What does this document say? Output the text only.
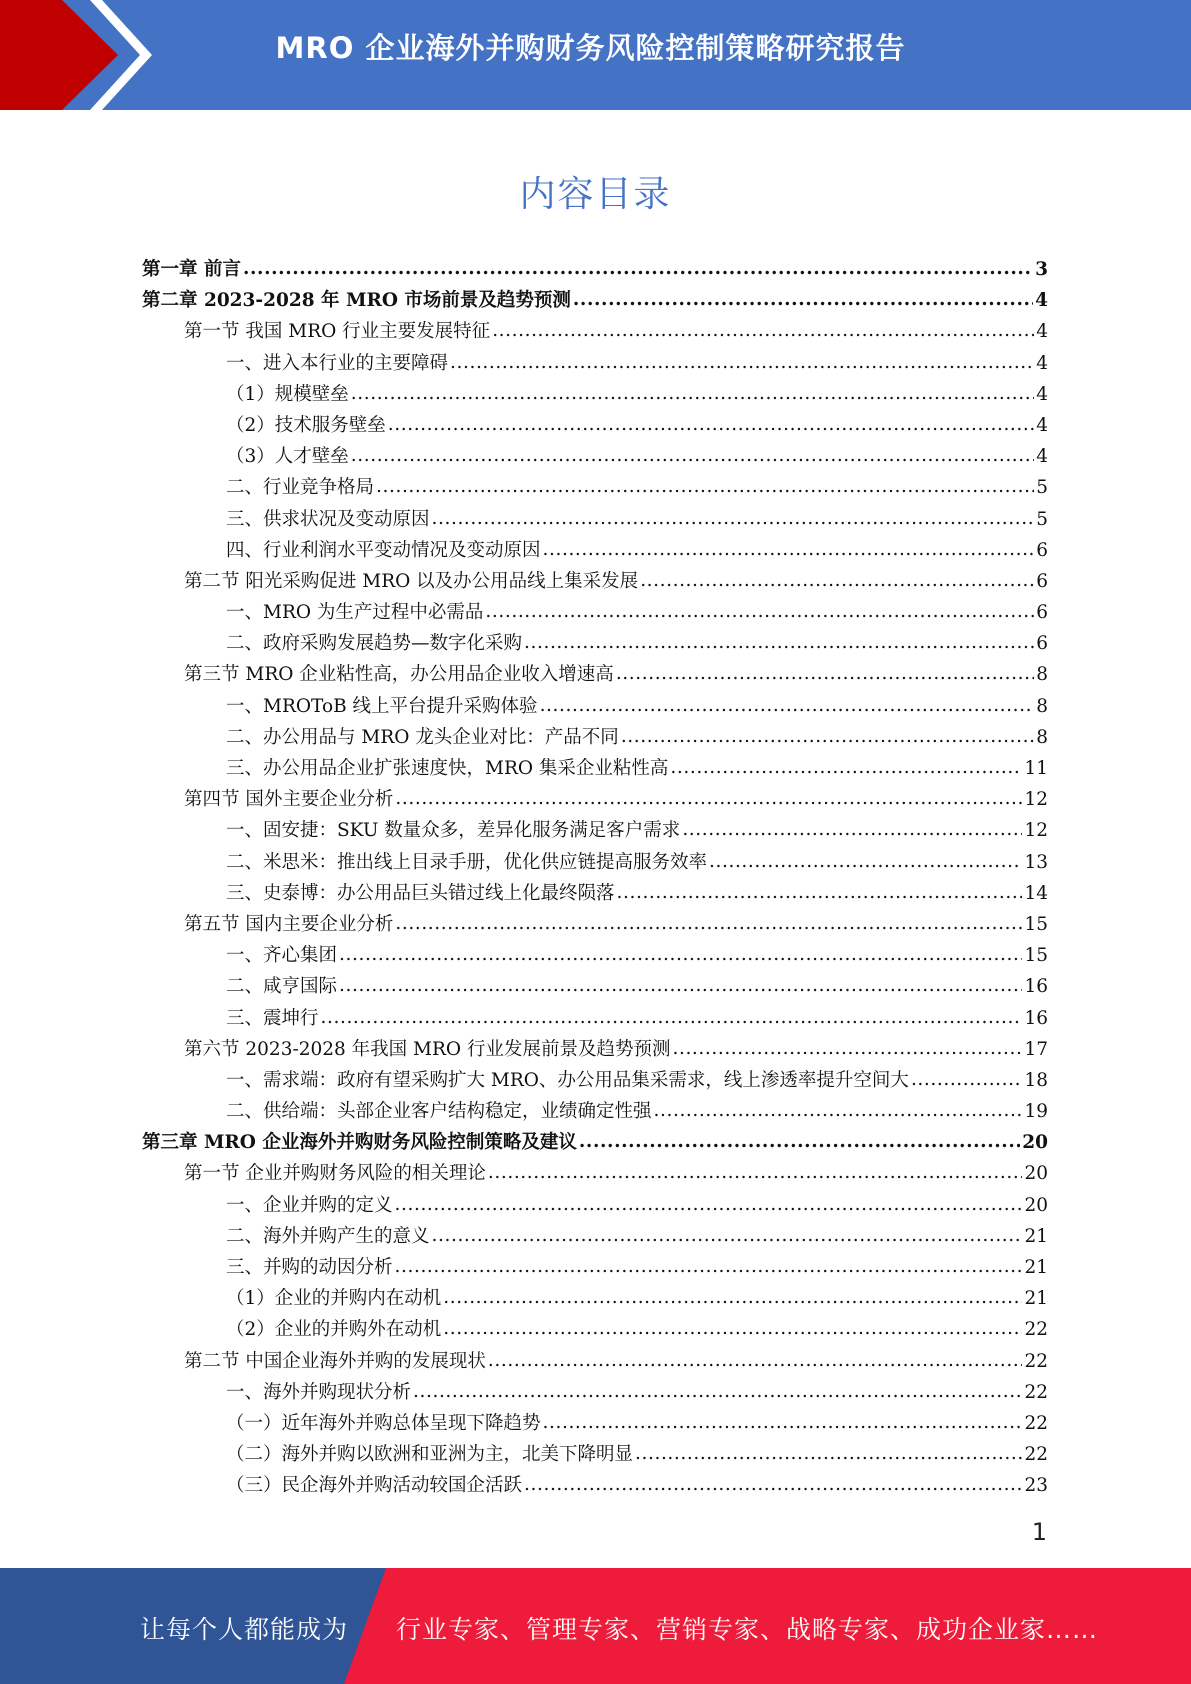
MRO 企业海外并购财务风险控制策略研究报告
内容目录
第一章 前言 .....	3
第二章 2023-2028 年 MRO 市场前景及趋势预测 .....	4
第一节 我国 MRO 行业主要发展特征 .....	4
一、进入本行业的主要障碍 .....	4
（1）规模壁垒 .....	4
（2）技术服务壁垒 .....	4
（3）人才壁垒 .....	4
二、行业竞争格局 .....	5
三、供求状况及变动原因 .....	5
四、行业利润水平变动情况及变动原因 .....	6
第二节 阳光采购促进 MRO 以及办公用品线上集采发展 .....	6
一、MRO 为生产过程中必需品 .....	6
二、政府采购发展趋势—数字化采购 .....	6
第三节 MRO 企业粘性高，办公用品企业收入增速高 .....	8
一、MROToB 线上平台提升采购体验 .....	8
二、办公用品与 MRO 龙头企业对比：产品不同 .....	8
三、办公用品企业扩张速度快，MRO 集采企业粘性高 .....	11
第四节 国外主要企业分析 .....	12
一、固安捷：SKU 数量众多，差异化服务满足客户需求 .....	12
二、米思米：推出线上目录手册，优化供应链提高服务效率 .....	13
三、史泰博：办公用品巨头错过线上化最终陨落 .....	14
第五节 国内主要企业分析 .....	15
一、齐心集团 .....	15
二、咸亨国际 .....	16
三、震坤行 .....	16
第六节 2023-2028 年我国 MRO 行业发展前景及趋势预测 .....	17
一、需求端：政府有望采购扩大 MRO、办公用品集采需求，线上渗透率提升空间大 .....	18
二、供给端：头部企业客户结构稳定，业绩确定性强 .....	19
第三章 MRO 企业海外并购财务风险控制策略及建议 .....	20
第一节 企业并购财务风险的相关理论 .....	20
一、企业并购的定义 .....	20
二、海外并购产生的意义 .....	21
三、并购的动因分析 .....	21
（1）企业的并购内在动机 .....	21
（2）企业的并购外在动机 .....	22
第二节 中国企业海外并购的发展现状 .....	22
一、海外并购现状分析 .....	22
（一）近年海外并购总体呈现下降趋势 .....	22
（二）海外并购以欧洲和亚洲为主，北美下降明显 .....	22
（三）民企海外并购活动较国企活跃 .....	23
1
让每个人都能成为 行业专家、管理专家、营销专家、战略专家、成功企业家……
